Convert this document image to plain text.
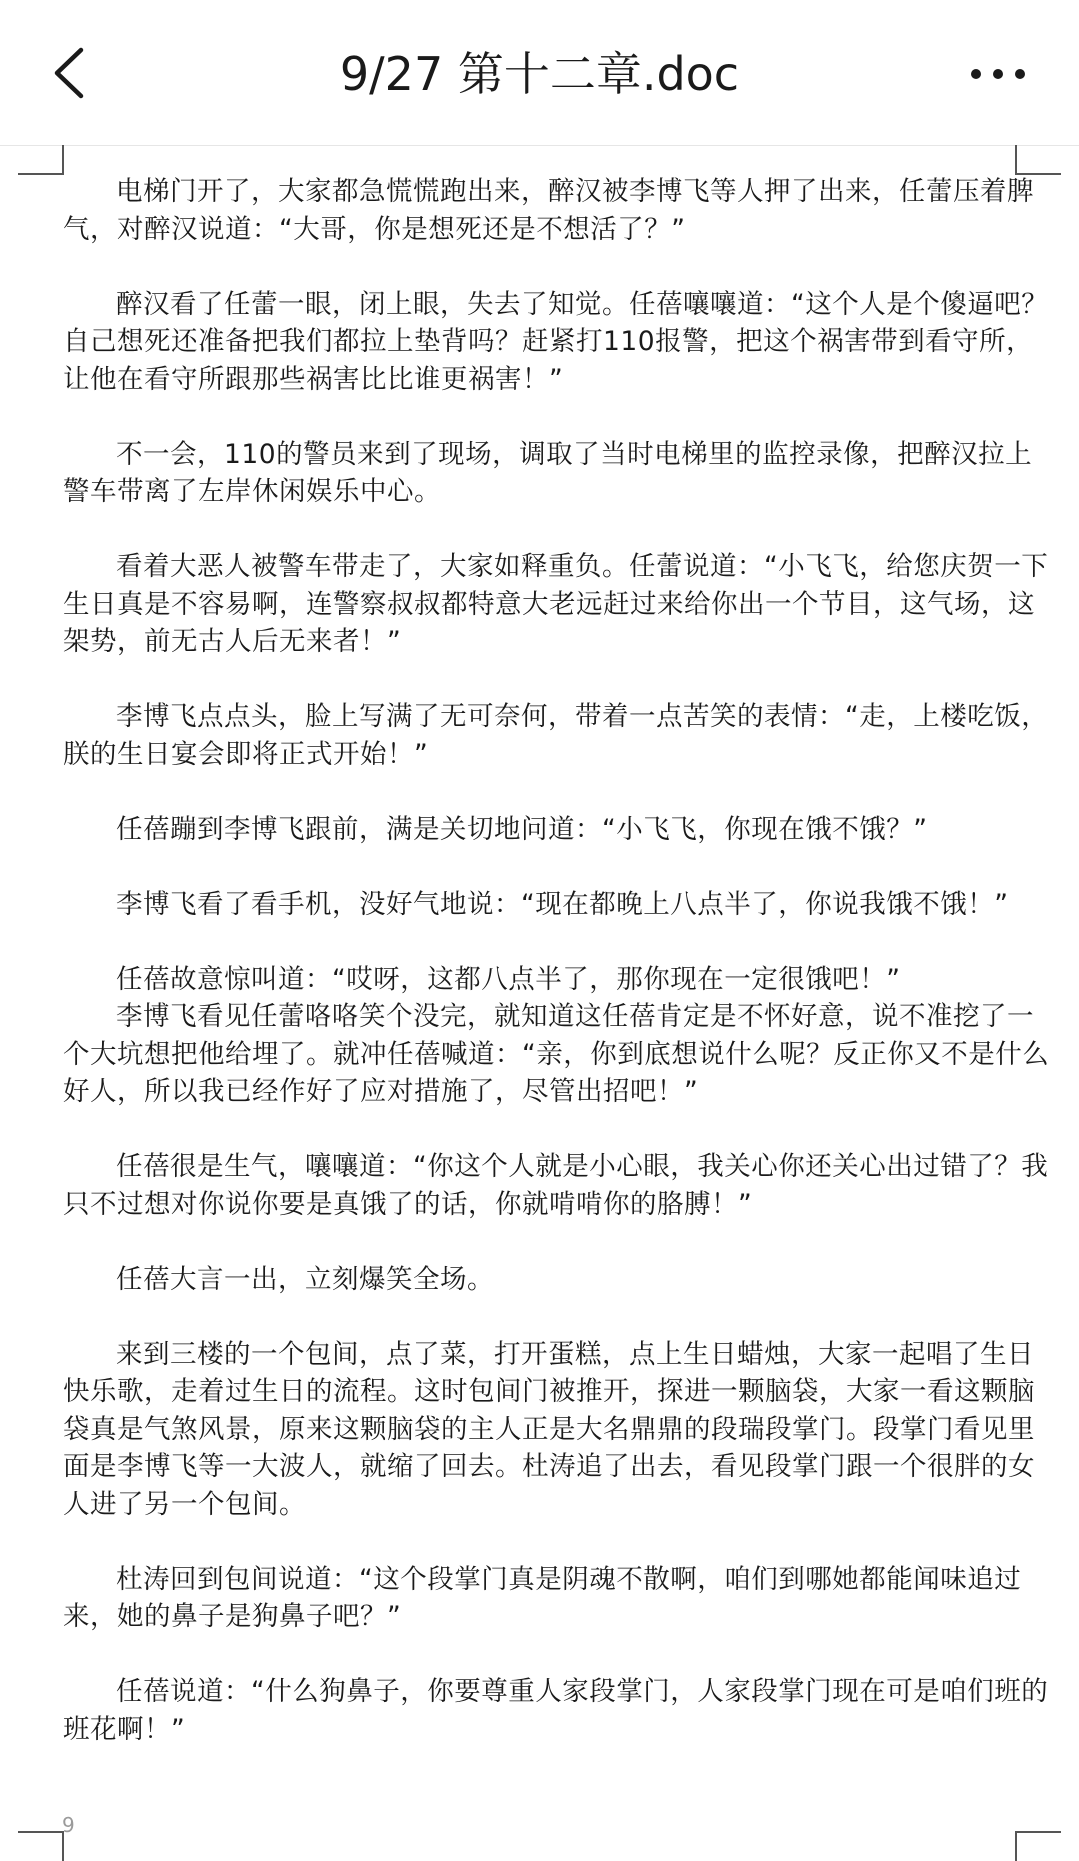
9/27 第十二章.doc

电梯门开了，大家都急慌慌跑出来，醉汉被李博飞等人押了出来，任蕾压着脾气，对醉汉说道：“大哥，你是想死还是不想活了？”

醉汉看了任蕾一眼，闭上眼，失去了知觉。任蓓嚷嚷道：“这个人是个傻逼吧？自己想死还准备把我们都拉上垫背吗？赶紧打110报警，把这个祸害带到看守所，让他在看守所跟那些祸害比比谁更祸害！”

不一会，110的警员来到了现场，调取了当时电梯里的监控录像，把醉汉拉上警车带离了左岸休闲娱乐中心。

看着大恶人被警车带走了，大家如释重负。任蕾说道：“小飞飞，给您庆贺一下生日真是不容易啊，连警察叔叔都特意大老远赶过来给你出一个节目，这气场，这架势，前无古人后无来者！”

李博飞点点头，脸上写满了无可奈何，带着一点苦笑的表情：“走，上楼吃饭，朕的生日宴会即将正式开始！”

任蓓蹦到李博飞跟前，满是关切地问道：“小飞飞，你现在饿不饿？”

李博飞看了看手机，没好气地说：“现在都晚上八点半了，你说我饿不饿！”

任蓓故意惊叫道：“哎呀，这都八点半了，那你现在一定很饿吧！”

李博飞看见任蕾咯咯笑个没完，就知道这任蓓肯定是不怀好意，说不准挖了一个大坑想把他给埋了。就冲任蓓喊道：“亲，你到底想说什么呢？反正你又不是什么好人，所以我已经作好了应对措施了，尽管出招吧！”

任蓓很是生气，嚷嚷道：“你这个人就是小心眼，我关心你还关心出过错了？我只不过想对你说你要是真饿了的话，你就啃啃你的胳膊！”

任蓓大言一出，立刻爆笑全场。

来到三楼的一个包间，点了菜，打开蛋糕，点上生日蜡烛，大家一起唱了生日快乐歌，走着过生日的流程。这时包间门被推开，探进一颗脑袋，大家一看这颗脑袋真是气煞风景，原来这颗脑袋的主人正是大名鼎鼎的段瑞段掌门。段掌门看见里面是李博飞等一大波人，就缩了回去。杜涛追了出去，看见段掌门跟一个很胖的女人进了另一个包间。

杜涛回到包间说道：“这个段掌门真是阴魂不散啊，咱们到哪她都能闻味追过来，她的鼻子是狗鼻子吧？”

任蓓说道：“什么狗鼻子，你要尊重人家段掌门，人家段掌门现在可是咱们班的班花啊！”

9
